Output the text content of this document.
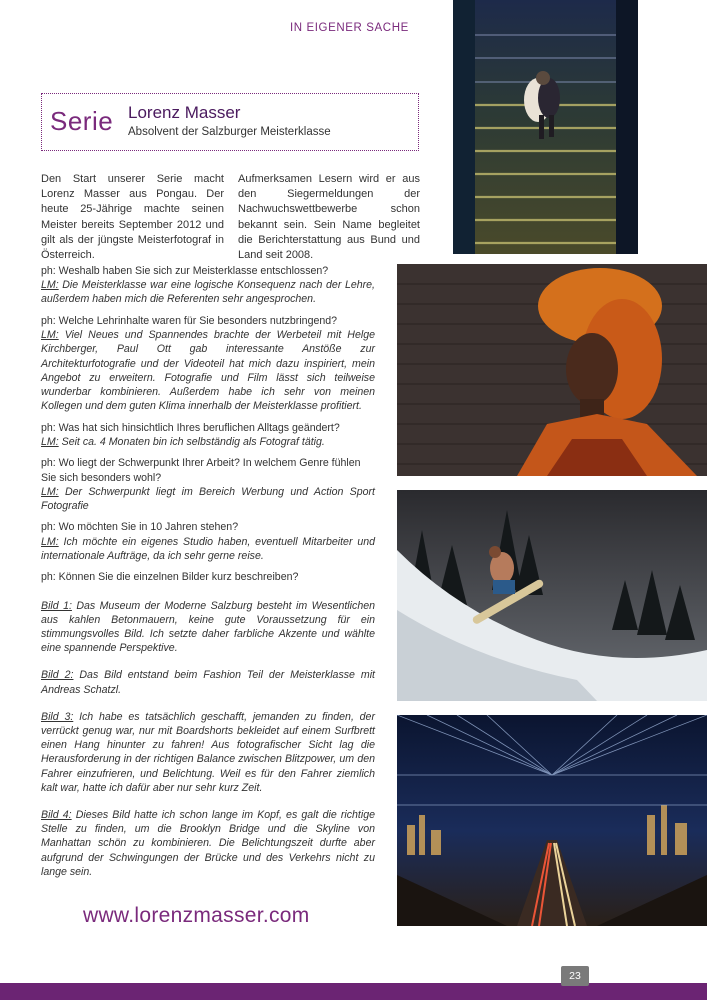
IN EIGENER SACHE
Serie Lorenz Masser
Absolvent der Salzburger Meisterklasse
Den Start unserer Serie macht Lorenz Masser aus Pongau. Der heute 25-Jährige machte seinen Meister bereits September 2012 und gilt als der jüngste Meisterfotograf in Österreich.
Aufmerksamen Lesern wird er aus den Siegermeldungen der Nachwuchswettbewerbe schon bekannt sein. Sein Name begleitet die Berichterstattung aus Bund und Land seit 2008.

ph: Weshalb haben Sie sich zur Meisterklasse entschlossen?
LM: Die Meisterklasse war eine logische Konsequenz nach der Lehre, außerdem haben mich die Referenten sehr angesprochen.

ph: Welche Lehrinhalte waren für Sie besonders nutzbringend?
LM: Viel Neues und Spannendes brachte der Werbeteil mit Helge Kirchberger, Paul Ott gab interessante Anstöße zur Architekturfotografie und der Videoteil hat mich dazu inspiriert, mein Angebot zu erweitern. Fotografie und Film lässt sich teilweise wunderbar kombinieren. Außerdem habe ich sehr von meinen Kollegen und dem guten Klima innerhalb der Meisterklasse profitiert.

ph: Was hat sich hinsichtlich Ihres beruflichen Alltags geändert?
LM: Seit ca. 4 Monaten bin ich selbständig als Fotograf tätig.

ph: Wo liegt der Schwerpunkt Ihrer Arbeit? In welchem Genre fühlen Sie sich besonders wohl?
LM: Der Schwerpunkt liegt im Bereich Werbung und Action Sport Fotografie

ph: Wo möchten Sie in 10 Jahren stehen?
LM: Ich möchte ein eigenes Studio haben, eventuell Mitarbeiter und internationale Aufträge, da ich sehr gerne reise.

ph: Können Sie die einzelnen Bilder kurz beschreiben?

Bild 1: Das Museum der Moderne Salzburg besteht im Wesentlichen aus kahlen Betonmauern, keine gute Voraussetzung für ein stimmungsvolles Bild. Ich setzte daher farbliche Akzente und wählte eine spannende Perspektive.

Bild 2: Das Bild entstand beim Fashion Teil der Meisterklasse mit Andreas Schatzl.

Bild 3: Ich habe es tatsächlich geschafft, jemanden zu finden, der verrückt genug war, nur mit Boardshorts bekleidet auf einem Surfbrett einen Hang hinunter zu fahren! Aus fotografischer Sicht lag die Herausforderung in der richtigen Balance zwischen Blitzpower, um den Fahrer einzufrieren, und Belichtung. Weil es für den Fahrer ziemlich kalt war, hatte ich dafür aber nur sehr kurz Zeit.

Bild 4: Dieses Bild hatte ich schon lange im Kopf, es galt die richtige Stelle zu finden, um die Brooklyn Bridge und die Skyline von Manhattan schön zu kombinieren. Die Belichtungszeit durfte aber aufgrund der Schwingungen der Brücke und des Verkehrs nicht zu lange sein.

www.lorenzmasser.com
23
